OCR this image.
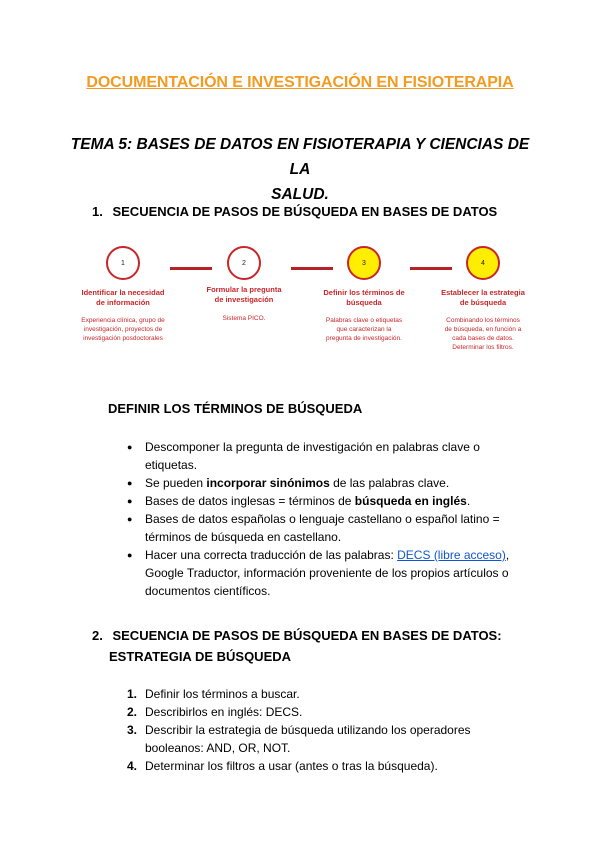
DOCUMENTACIÓN E INVESTIGACIÓN EN FISIOTERAPIA
TEMA 5: BASES DE DATOS EN FISIOTERAPIA Y CIENCIAS DE LA
SALUD.
1. SECUENCIA DE PASOS DE BÚSQUEDA EN BASES DE DATOS
1
Identificar la necesidad
de información
Experiencia clínica, grupo de
investigación, proyectos de
investigación posdoctorales
2
Formular la pregunta
de investigación
Sistema PICO.
3
Definir los términos de
búsqueda
Palabras clave o etiquetas
que caracterizan la
pregunta de investigación.
4
Establecer la estrategia
de búsqueda
Combinando los términos
de búsqueda, en función a
cada bases de datos.
Determinar los filtros.
DEFINIR LOS TÉRMINOS DE BÚSQUEDA
● Descomponer la pregunta de investigación en palabras clave o
etiquetas.
● Se pueden incorporar sinónimos de las palabras clave.
● Bases de datos inglesas = términos de búsqueda en inglés.
● Bases de datos españolas o lenguaje castellano o español latino =
términos de búsqueda en castellano.
● Hacer una correcta traducción de las palabras: DECS (libre acceso),
Google Traductor, información proveniente de los propios artículos o
documentos científicos.
2. SECUENCIA DE PASOS DE BÚSQUEDA EN BASES DE DATOS:
ESTRATEGIA DE BÚSQUEDA
1. Definir los términos a buscar.
2. Describirlos en inglés: DECS.
3. Describir la estrategia de búsqueda utilizando los operadores
booleanos: AND, OR, NOT.
4. Determinar los filtros a usar (antes o tras la búsqueda).
